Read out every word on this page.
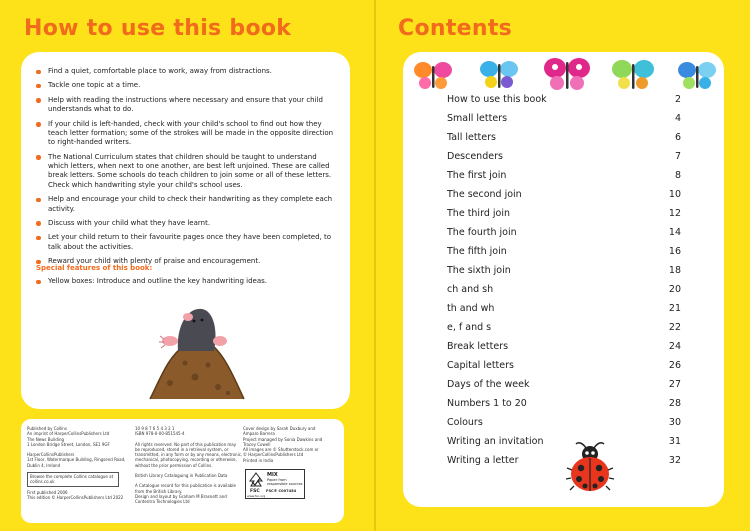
How to use this book
Find a quiet, comfortable place to work, away from distractions.
Tackle one topic at a time.
Help with reading the instructions where necessary and ensure that your child understands what to do.
If your child is left-handed, check with your child's school to find out how they teach letter formation; some of the strokes will be made in the opposite direction to right-handed writers.
The National Curriculum states that children should be taught to understand which letters, when next to one another, are best left unjoined. These are called break letters. Some schools do teach children to join some or all of these letters. Check which handwriting style your child's school uses.
Help and encourage your child to check their handwriting as they complete each activity.
Discuss with your child what they have learnt.
Let your child return to their favourite pages once they have been completed, to talk about the activities.
Reward your child with plenty of praise and encouragement.
Special features of this book:
Yellow boxes: Introduce and outline the key handwriting ideas.
Published by Collins
An imprint of HarperCollinsPublishers Ltd
The News Building
1 London Bridge Street, London, SE1 9GF
HarperCollinsPublishers
1st Floor, Watermarque Building, Ringsend Road,
Dublin 4, Ireland
Browse the complete Collins catalogue at
collins.co.uk
First published 2006
This edition © HarperCollinsPublishers Ltd 2022
10 9 8 7 6 5 4 3 2 1
ISBN 978-0-00-851545-4
All rights reserved. No part of this publication may
be reproduced, stored in a retrieval system, or
transmitted, in any form or by any means, electronic,
mechanical, photocopying, recording or otherwise,
without the prior permission of Collins.
British Library Cataloguing in Publication Data
A Catalogue record for this publication is available
from the British Library.
Design and layout by Graham M Brasnett and
Contentra Technologies Ltd
Cover design by Sarah Duxbury and
Amparo Barrera
Project managed by Sonia Dawkins and
Tracey Cowell
All images are © Shutterstock.com or
© HarperCollinsPublishers Ltd
Printed in India
FSC
MIX
Paper from
responsible sources
FSC® C007454
www.fsc.org
Contents
How to use this book	2
Small letters	4
Tall letters	6
Descenders	7
The first join	8
The second join	10
The third join	12
The fourth join	14
The fifth join	16
The sixth join	18
ch and sh	20
th and wh	21
e, f and s	22
Break letters	24
Capital letters	26
Days of the week	27
Numbers 1 to 20	28
Colours	30
Writing an invitation	31
Writing a letter	32
